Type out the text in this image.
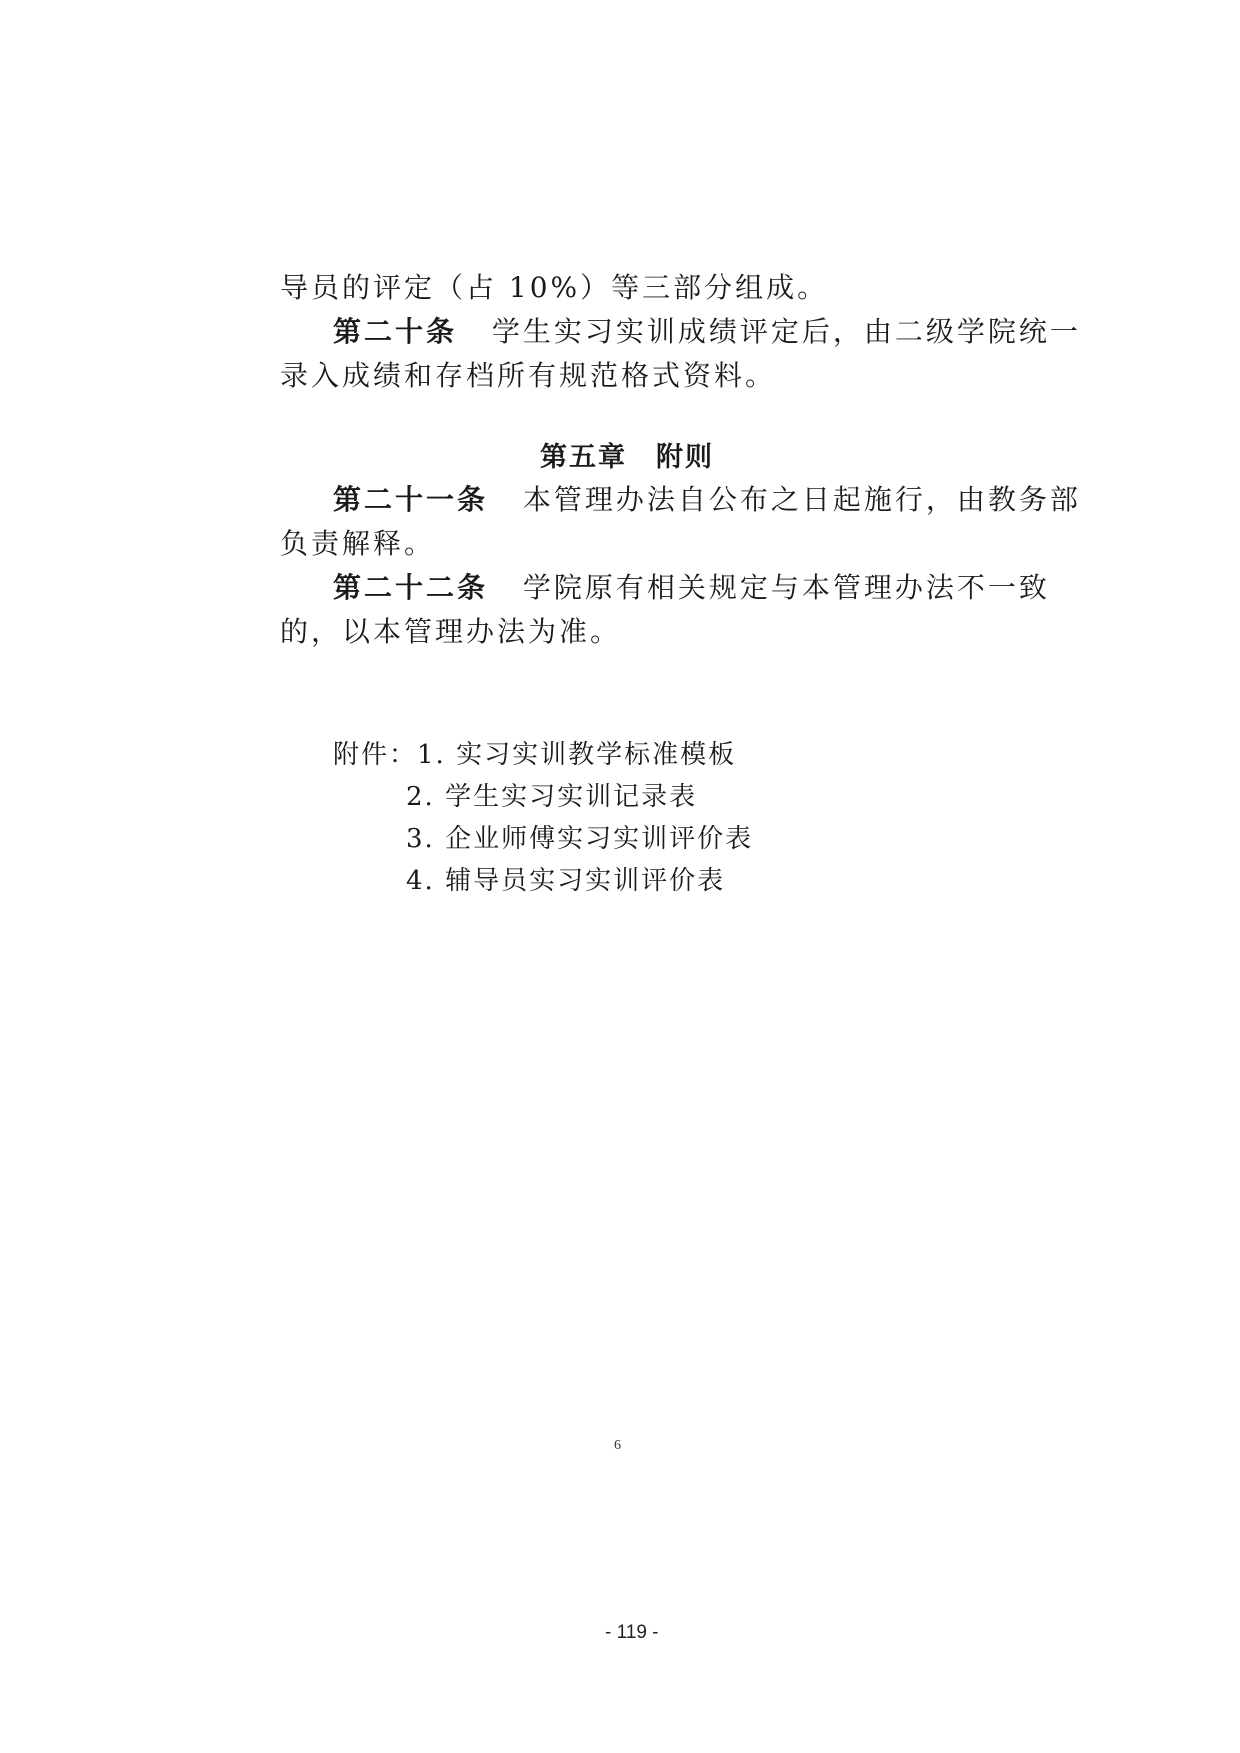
导员的评定（占 10%）等三部分组成。
第二十条 学生实习实训成绩评定后，由二级学院统一
录入成绩和存档所有规范格式资料。
第五章　附则
第二十一条 本管理办法自公布之日起施行，由教务部
负责解释。
第二十二条 学院原有相关规定与本管理办法不一致
的，以本管理办法为准。
附件：1. 实习实训教学标准模板
2. 学生实习实训记录表
3. 企业师傅实习实训评价表
4. 辅导员实习实训评价表
6
- 119 -
